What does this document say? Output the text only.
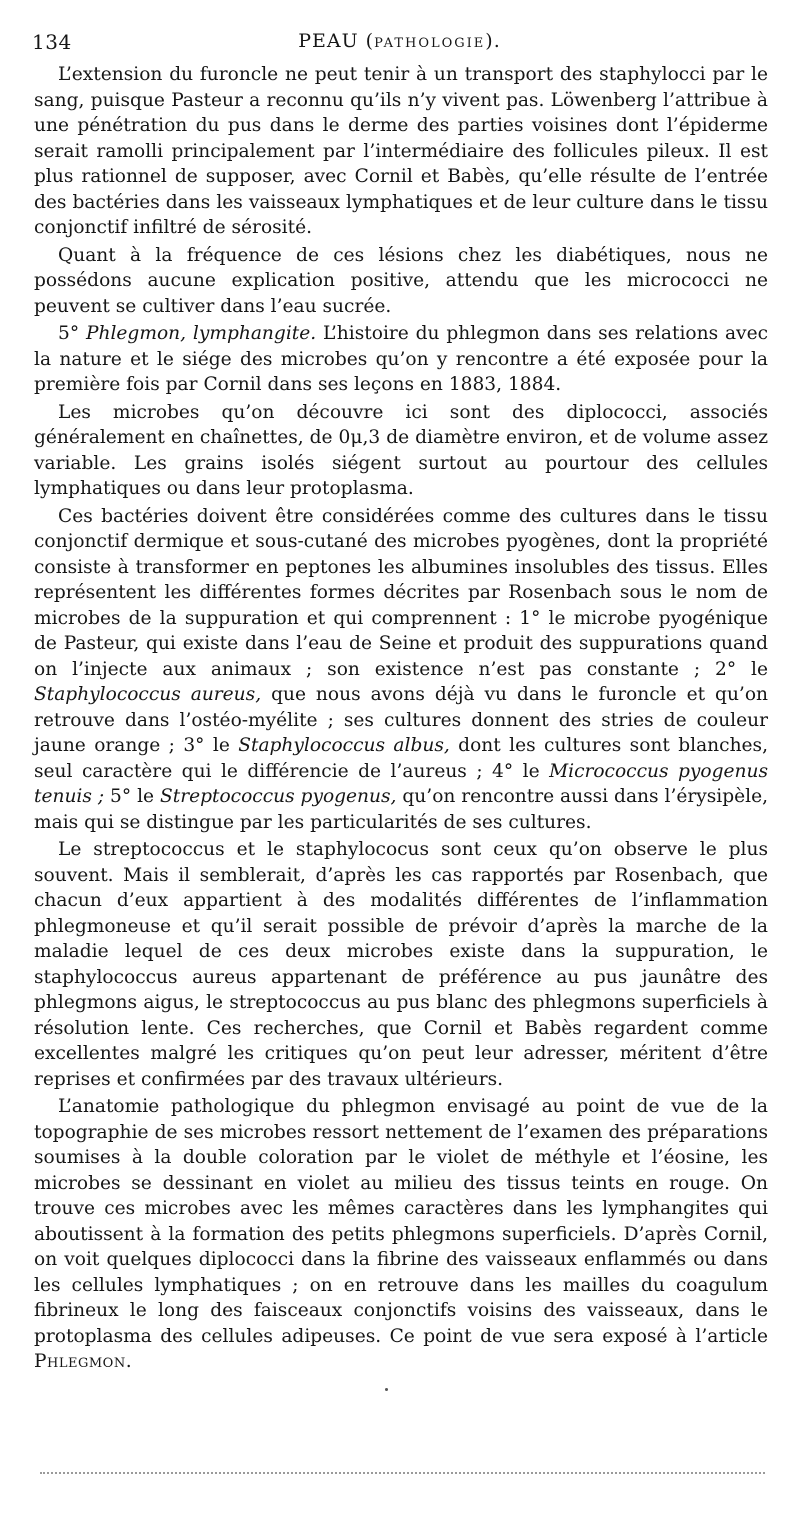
134	PEAU (PATHOLOGIE).

L’extension du furoncle ne peut tenir à un transport des staphylocci par le sang, puisque Pasteur a reconnu qu’ils n’y vivent pas. Löwenberg l’attribue à une pénétration du pus dans le derme des parties voisines dont l’épiderme serait ramolli principalement par l’intermédiaire des follicules pileux. Il est plus rationnel de supposer, avec Cornil et Babès, qu’elle résulte de l’entrée des bactéries dans les vaisseaux lymphatiques et de leur culture dans le tissu conjonctif infiltré de sérosité.

Quant à la fréquence de ces lésions chez les diabétiques, nous ne possédons aucune explication positive, attendu que les micrococci ne peuvent se cultiver dans l’eau sucrée.

5° Phlegmon, lymphangite. L’histoire du phlegmon dans ses relations avec la nature et le siége des microbes qu’on y rencontre a été exposée pour la première fois par Cornil dans ses leçons en 1883, 1884.

Les microbes qu’on découvre ici sont des diplococci, associés généralement en chaînettes, de 0μ,3 de diamètre environ, et de volume assez variable. Les grains isolés siégent surtout au pourtour des cellules lymphatiques ou dans leur protoplasma.

Ces bactéries doivent être considérées comme des cultures dans le tissu conjonctif dermique et sous-cutané des microbes pyogènes, dont la propriété consiste à transformer en peptones les albumines insolubles des tissus. Elles représentent les différentes formes décrites par Rosenbach sous le nom de microbes de la suppuration et qui comprennent : 1° le microbe pyogénique de Pasteur, qui existe dans l’eau de Seine et produit des suppurations quand on l’injecte aux animaux ; son existence n’est pas constante ; 2° le Staphylococcus aureus, que nous avons déjà vu dans le furoncle et qu’on retrouve dans l’ostéo-myélite ; ses cultures donnent des stries de couleur jaune orange ; 3° le Staphylococcus albus, dont les cultures sont blanches, seul caractère qui le différencie de l’aureus ; 4° le Micrococcus pyogenus tenuis ; 5° le Streptococcus pyogenus, qu’on rencontre aussi dans l’érysipèle, mais qui se distingue par les particularités de ses cultures.

Le streptococcus et le staphylococus sont ceux qu’on observe le plus souvent. Mais il semblerait, d’après les cas rapportés par Rosenbach, que chacun d’eux appartient à des modalités différentes de l’inflammation phlegmoneuse et qu’il serait possible de prévoir d’après la marche de la maladie lequel de ces deux microbes existe dans la suppuration, le staphylococcus aureus appartenant de préférence au pus jaunâtre des phlegmons aigus, le streptococcus au pus blanc des phlegmons superficiels à résolution lente. Ces recherches, que Cornil et Babès regardent comme excellentes malgré les critiques qu’on peut leur adresser, méritent d’être reprises et confirmées par des travaux ultérieurs.

L’anatomie pathologique du phlegmon envisagé au point de vue de la topographie de ses microbes ressort nettement de l’examen des préparations soumises à la double coloration par le violet de méthyle et l’éosine, les microbes se dessinant en violet au milieu des tissus teints en rouge. On trouve ces microbes avec les mêmes caractères dans les lymphangites qui aboutissent à la formation des petits phlegmons superficiels. D’après Cornil, on voit quelques diplococci dans la fibrine des vaisseaux enflammés ou dans les cellules lymphatiques ; on en retrouve dans les mailles du coagulum fibrineux le long des faisceaux conjonctifs voisins des vaisseaux, dans le protoplasma des cellules adipeuses. Ce point de vue sera exposé à l’article Phlegmon.
